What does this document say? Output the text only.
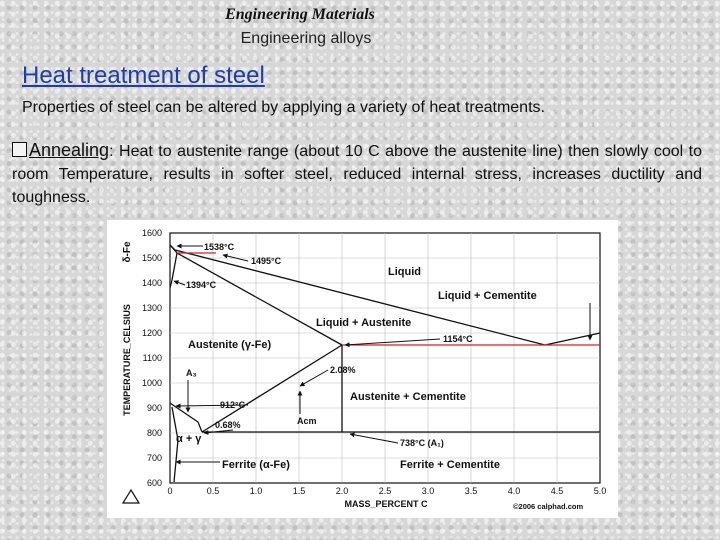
Engineering Materials
Engineering alloys
Heat treatment of steel
Properties of steel can be altered by applying a variety of heat treatments.
Annealing: Heat to austenite range (about 10 C above the austenite line) then slowly cool to room Temperature, results in softer steel, reduced internal stress, increases ductility and toughness.
1600
1500
1400
1300
1200
1100
1000
900
800
700
600
0	0.5	1.0	1.5	2.0	2.5	3.0	3.5	4.0	4.5	5.0
TEMPERATURE_CELSIUS
δ-Fe
MASS_PERCENT C
Liquid
Liquid + Cementite
Liquid + Austenite
Austenite (γ-Fe)
Austenite + Cementite
α + γ
Ferrite (α-Fe)	Ferrite + Cementite
1538°C
1495°C
1394°C
1154°C
912°C
738°C (A₁)
2.08%
0.68%
A₃
Acm
©2006 calphad.com
